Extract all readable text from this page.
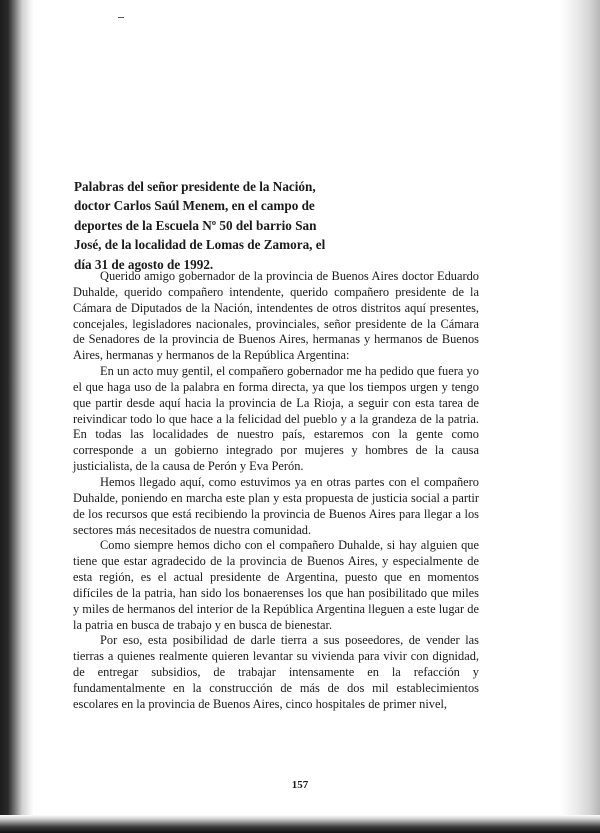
Palabras del señor presidente de la Nación,
doctor Carlos Saúl Menem, en el campo de
deportes de la Escuela Nº 50 del barrio San
José, de la localidad de Lomas de Zamora, el
día 31 de agosto de 1992.

Querido amigo gobernador de la provincia de Buenos Aires doctor Eduardo Duhalde, querido compañero intendente, querido compañero presidente de la Cámara de Diputados de la Nación, intendentes de otros distritos aquí presentes, concejales, legisladores nacionales, provinciales, señor presidente de la Cámara de Senadores de la provincia de Buenos Aires, hermanas y hermanos de Buenos Aires, hermanas y hermanos de la República Argentina:

En un acto muy gentil, el compañero gobernador me ha pedido que fuera yo el que haga uso de la palabra en forma directa, ya que los tiempos urgen y tengo que partir desde aquí hacia la provincia de La Rioja, a seguir con esta tarea de reivindicar todo lo que hace a la felicidad del pueblo y a la grandeza de la patria. En todas las localidades de nuestro país, estaremos con la gente como corresponde a un gobierno integrado por mujeres y hombres de la causa justicialista, de la causa de Perón y Eva Perón.

Hemos llegado aquí, como estuvimos ya en otras partes con el compañero Duhalde, poniendo en marcha este plan y esta propuesta de justicia social a partir de los recursos que está recibiendo la provincia de Buenos Aires para llegar a los sectores más necesitados de nuestra comunidad.

Como siempre hemos dicho con el compañero Duhalde, si hay alguien que tiene que estar agradecido de la provincia de Buenos Aires, y especialmente de esta región, es el actual presidente de Argentina, puesto que en momentos difíciles de la patria, han sido los bonaerenses los que han posibilitado que miles y miles de hermanos del interior de la República Argentina lleguen a este lugar de la patria en busca de trabajo y en busca de bienestar.

Por eso, esta posibilidad de darle tierra a sus poseedores, de vender las tierras a quienes realmente quieren levantar su vivienda para vivir con dignidad, de entregar subsidios, de trabajar intensamente en la refacción y fundamentalmente en la construcción de más de dos mil establecimientos escolares en la provincia de Buenos Aires, cinco hospitales de primer nivel,

157
